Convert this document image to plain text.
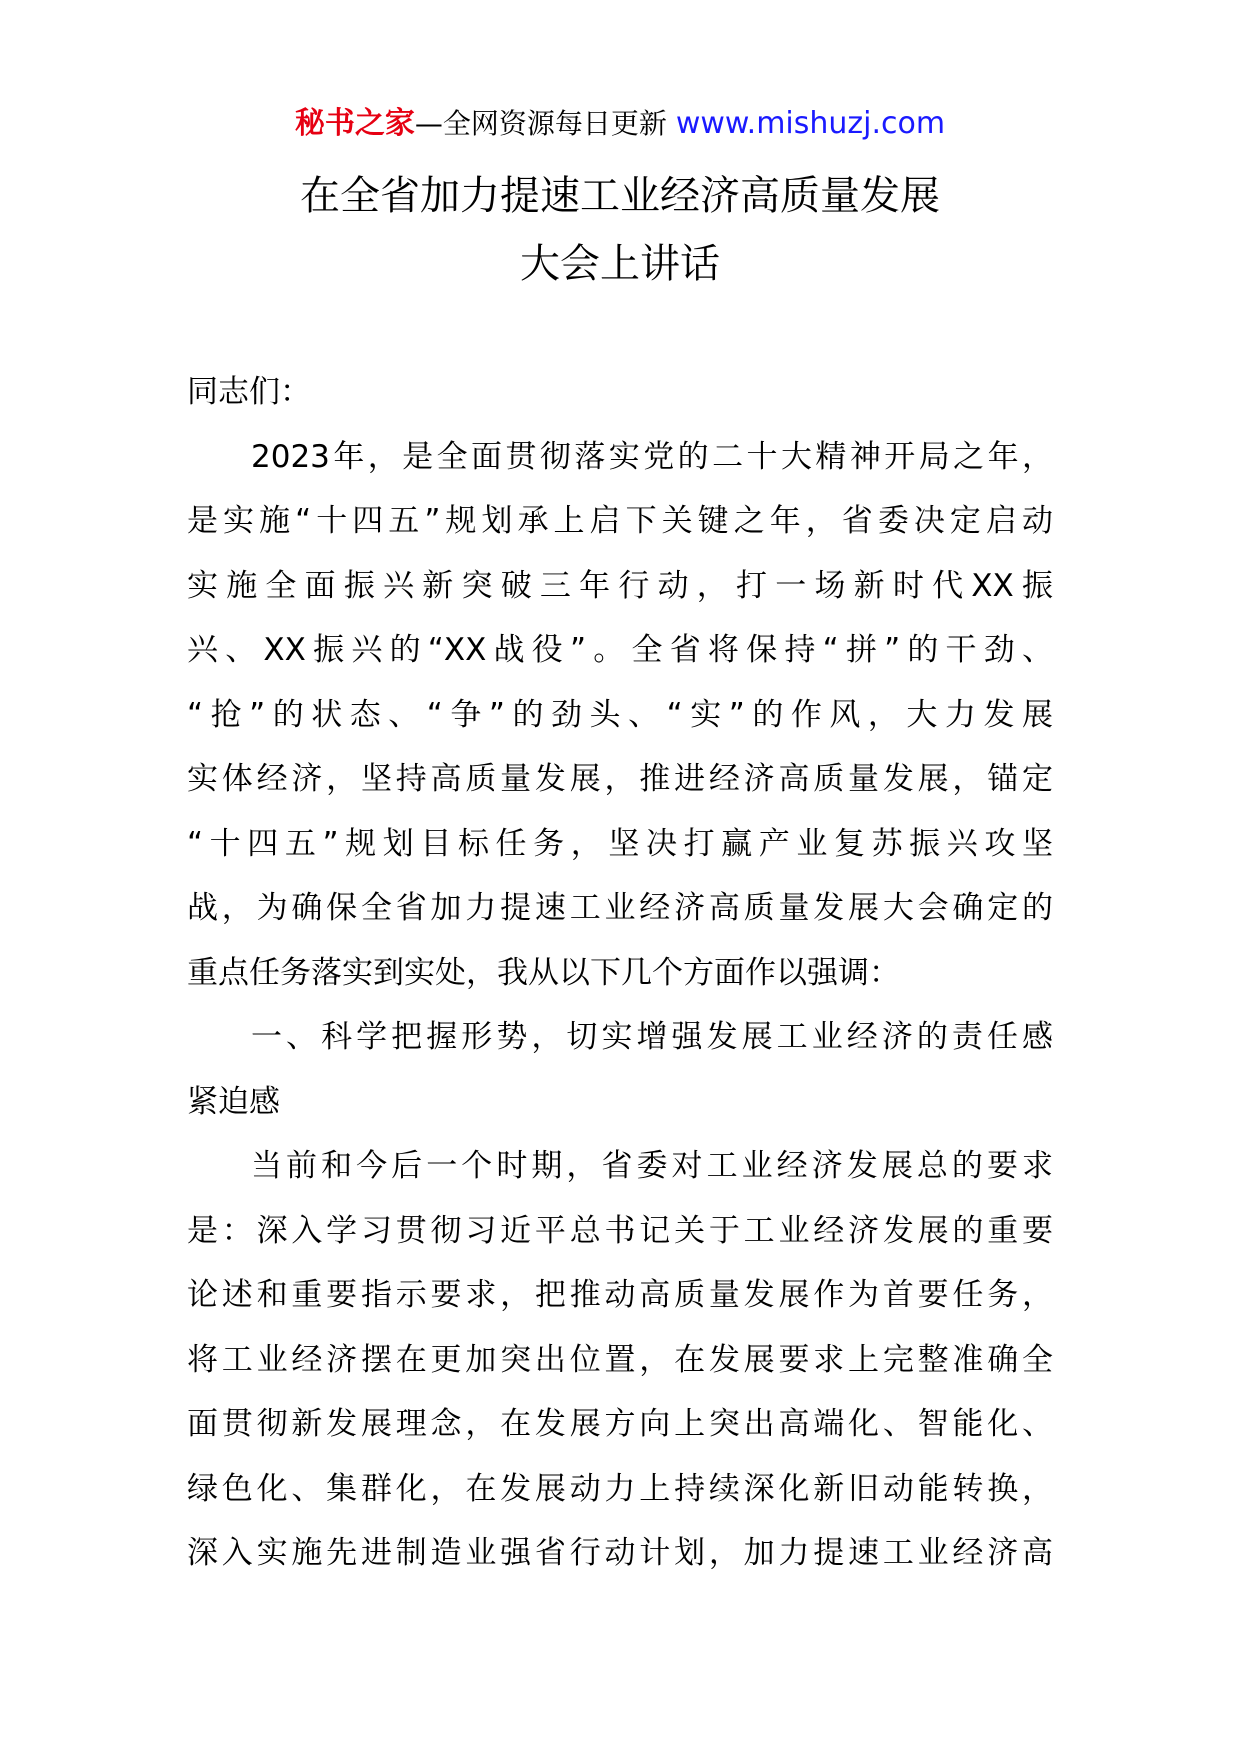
秘书之家—全网资源每日更新 www.mishuzj.com
在全省加力提速工业经济高质量发展
大会上讲话
同志们：
2023年，是全面贯彻落实党的二十大精神开局之年，
是实施“十四五”规划承上启下关键之年，省委决定启动
实施全面振兴新突破三年行动，打一场新时代XX振
兴、XX振兴的“XX战役”。全省将保持“拼”的干劲、
“抢”的状态、“争”的劲头、“实”的作风，大力发展
实体经济，坚持高质量发展，推进经济高质量发展，锚定
“十四五”规划目标任务，坚决打赢产业复苏振兴攻坚
战，为确保全省加力提速工业经济高质量发展大会确定的
重点任务落实到实处，我从以下几个方面作以强调：
一、科学把握形势，切实增强发展工业经济的责任感
紧迫感
当前和今后一个时期，省委对工业经济发展总的要求
是：深入学习贯彻习近平总书记关于工业经济发展的重要
论述和重要指示要求，把推动高质量发展作为首要任务，
将工业经济摆在更加突出位置，在发展要求上完整准确全
面贯彻新发展理念，在发展方向上突出高端化、智能化、
绿色化、集群化，在发展动力上持续深化新旧动能转换，
深入实施先进制造业强省行动计划，加力提速工业经济高
